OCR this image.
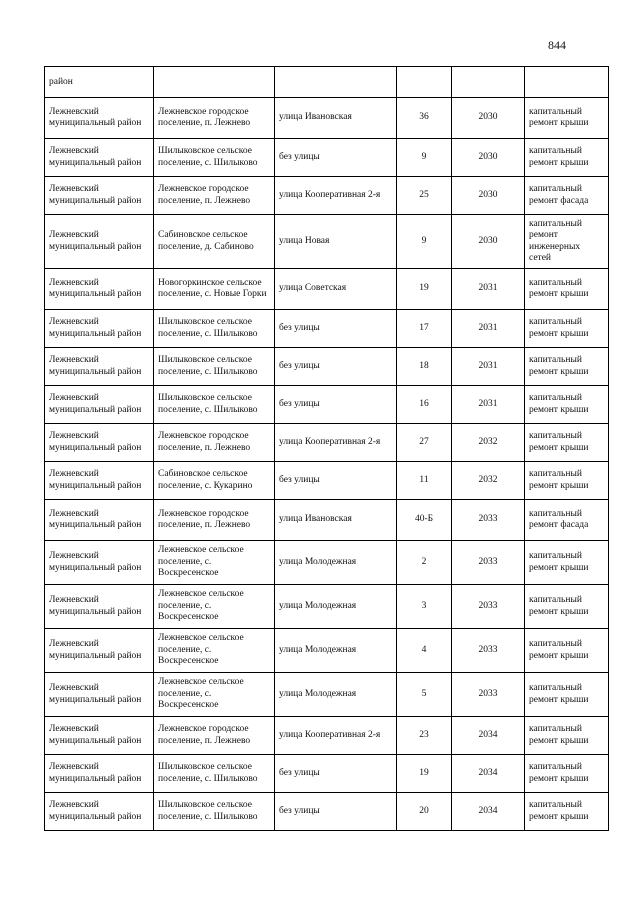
844
район					
Лежневский муниципальный район	Лежневское городское поселение, п. Лежнево	улица Ивановская	36	2030	капитальный ремонт крыши
Лежневский муниципальный район	Шилыковское сельское поселение, с. Шилыково	без улицы	9	2030	капитальный ремонт крыши
Лежневский муниципальный район	Лежневское городское поселение, п. Лежнево	улица Кооперативная 2-я	25	2030	капитальный ремонт фасада
Лежневский муниципальный район	Сабиновское сельское поселение, д. Сабиново	улица Новая	9	2030	капитальный ремонт инженерных сетей
Лежневский муниципальный район	Новогоркинское сельское поселение, с. Новые Горки	улица Советская	19	2031	капитальный ремонт крыши
Лежневский муниципальный район	Шилыковское сельское поселение, с. Шилыково	без улицы	17	2031	капитальный ремонт крыши
Лежневский муниципальный район	Шилыковское сельское поселение, с. Шилыково	без улицы	18	2031	капитальный ремонт крыши
Лежневский муниципальный район	Шилыковское сельское поселение, с. Шилыково	без улицы	16	2031	капитальный ремонт крыши
Лежневский муниципальный район	Лежневское городское поселение, п. Лежнево	улица Кооперативная 2-я	27	2032	капитальный ремонт крыши
Лежневский муниципальный район	Сабиновское сельское поселение, с. Кукарино	без улицы	11	2032	капитальный ремонт крыши
Лежневский муниципальный район	Лежневское городское поселение, п. Лежнево	улица Ивановская	40-Б	2033	капитальный ремонт фасада
Лежневский муниципальный район	Лежневское сельское поселение, с. Воскресенское	улица Молодежная	2	2033	капитальный ремонт крыши
Лежневский муниципальный район	Лежневское сельское поселение, с. Воскресенское	улица Молодежная	3	2033	капитальный ремонт крыши
Лежневский муниципальный район	Лежневское сельское поселение, с. Воскресенское	улица Молодежная	4	2033	капитальный ремонт крыши
Лежневский муниципальный район	Лежневское сельское поселение, с. Воскресенское	улица Молодежная	5	2033	капитальный ремонт крыши
Лежневский муниципальный район	Лежневское городское поселение, п. Лежнево	улица Кооперативная 2-я	23	2034	капитальный ремонт крыши
Лежневский муниципальный район	Шилыковское сельское поселение, с. Шилыково	без улицы	19	2034	капитальный ремонт крыши
Лежневский муниципальный район	Шилыковское сельское поселение, с. Шилыково	без улицы	20	2034	капитальный ремонт крыши
